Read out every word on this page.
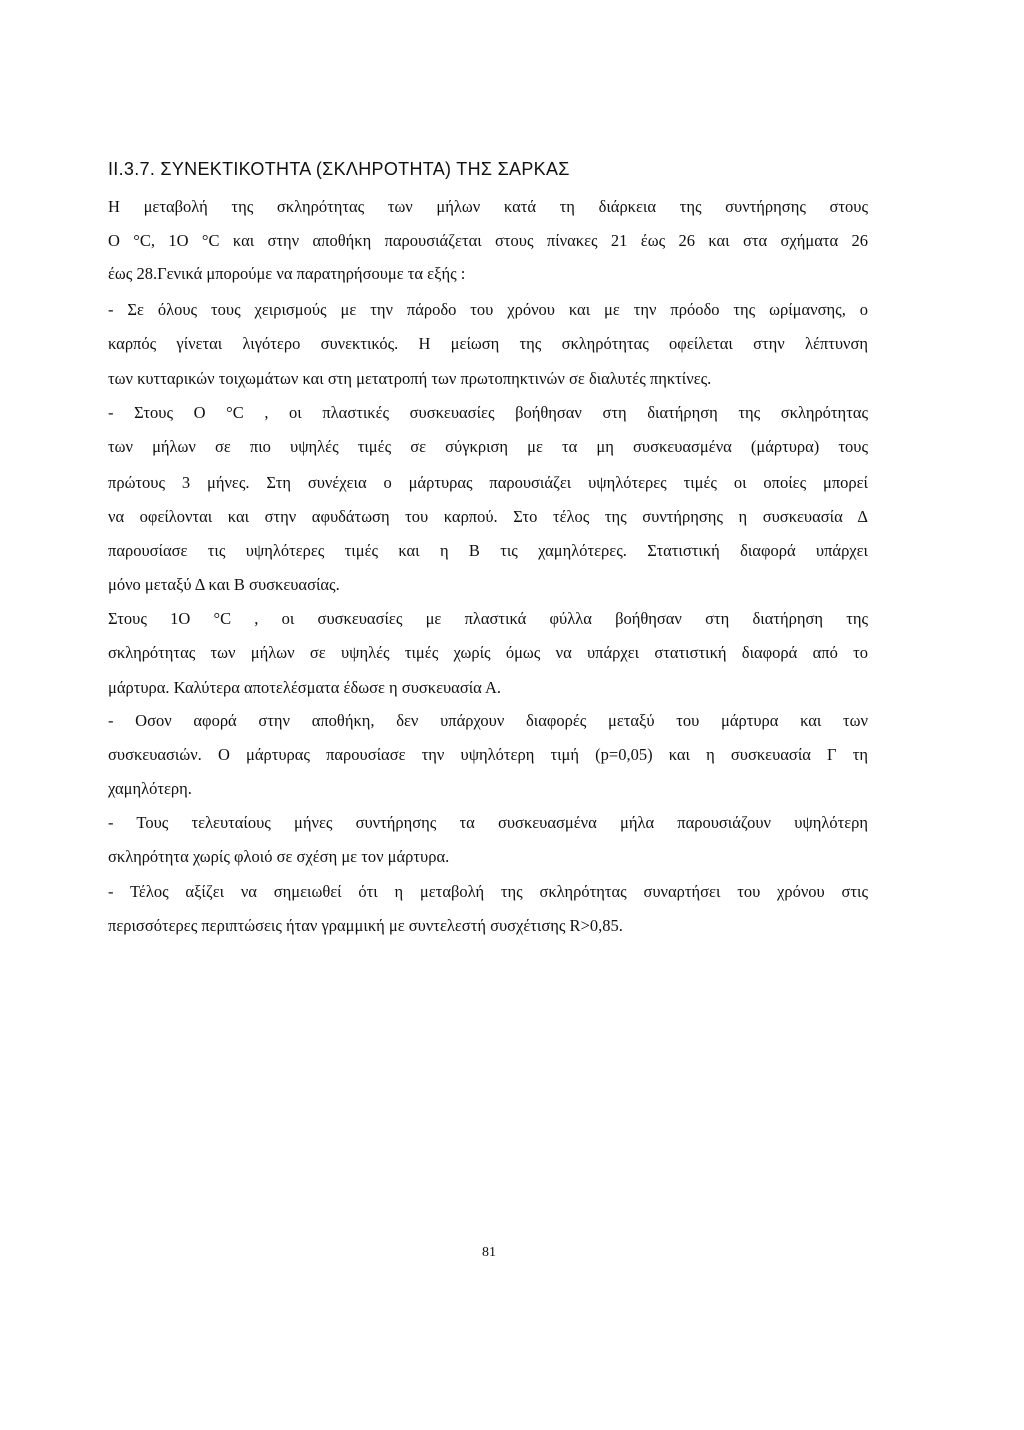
II.3.7. ΣΥΝΕΚΤΙΚΟΤΗΤΑ (ΣΚΛΗΡΟΤΗΤΑ) ΤΗΣ ΣΑΡΚΑΣ
Η μεταβολή της σκληρότητας των μήλων κατά τη διάρκεια της συντήρησης στους
Ο °C, 1Ο °C και στην αποθήκη παρουσιάζεται στους πίνακες 21 έως 26 και στα σχήματα 26
έως 28.Γενικά μπορούμε να παρατηρήσουμε τα εξής :
- Σε όλους τους χειρισμούς με την πάροδο του χρόνου και με την πρόοδο της ωρίμανσης, ο
καρπός γίνεται λιγότερο συνεκτικός. Η μείωση της σκληρότητας οφείλεται στην λέπτυνση
των κυτταρικών τοιχωμάτων και στη μετατροπή των πρωτοπηκτινών σε διαλυτές πηκτίνες.
- Στους Ο °C , οι πλαστικές συσκευασίες βοήθησαν στη διατήρηση της σκληρότητας
των μήλων σε πιο υψηλές τιμές σε σύγκριση με τα μη συσκευασμένα (μάρτυρα) τους
πρώτους 3 μήνες. Στη συνέχεια ο μάρτυρας παρουσιάζει υψηλότερες τιμές οι οποίες μπορεί
να οφείλονται και στην αφυδάτωση του καρπού. Στο τέλος της συντήρησης η συσκευασία Δ
παρουσίασε τις υψηλότερες τιμές και η Β τις χαμηλότερες. Στατιστική διαφορά υπάρχει
μόνο μεταξύ Δ και Β συσκευασίας.
Στους 1Ο °C , οι συσκευασίες με πλαστικά φύλλα βοήθησαν στη διατήρηση της
σκληρότητας των μήλων σε υψηλές τιμές χωρίς όμως να υπάρχει στατιστική διαφορά από το
μάρτυρα. Καλύτερα αποτελέσματα έδωσε η συσκευασία Α.
- Οσον αφορά στην αποθήκη, δεν υπάρχουν διαφορές μεταξύ του μάρτυρα και των
συσκευασιών. Ο μάρτυρας παρουσίασε την υψηλότερη τιμή (p=0,05) και η συσκευασία Γ τη
χαμηλότερη.
- Τους τελευταίους μήνες συντήρησης τα συσκευασμένα μήλα παρουσιάζουν υψηλότερη
σκληρότητα χωρίς φλοιό σε σχέση με τον μάρτυρα.
- Τέλος αξίζει να σημειωθεί ότι η μεταβολή της σκληρότητας συναρτήσει του χρόνου στις
περισσότερες περιπτώσεις ήταν γραμμική με συντελεστή συσχέτισης R>0,85.
81
